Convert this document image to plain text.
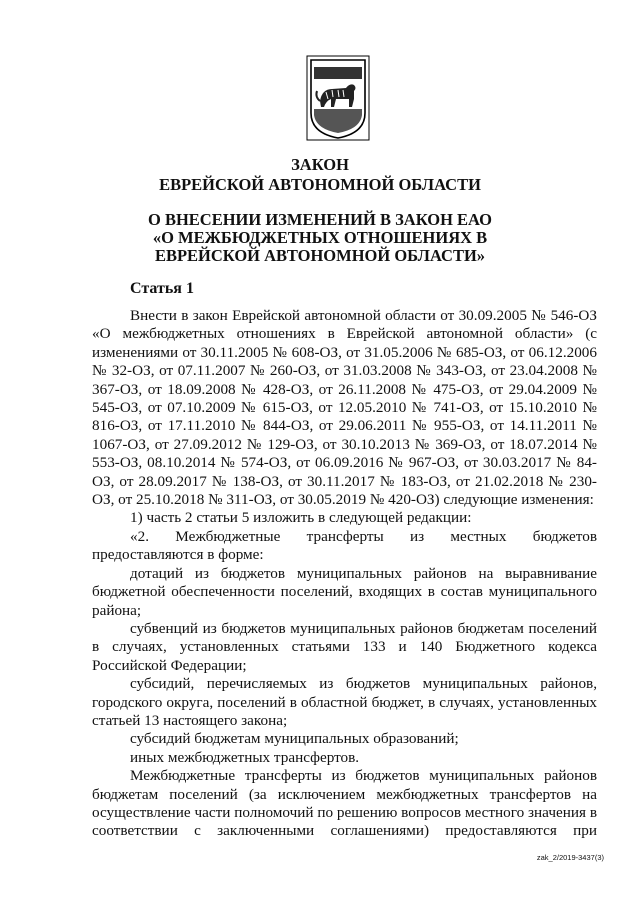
ЗАКОН
ЕВРЕЙСКОЙ АВТОНОМНОЙ ОБЛАСТИ
О ВНЕСЕНИИ ИЗМЕНЕНИЙ В ЗАКОН ЕАО
«О МЕЖБЮДЖЕТНЫХ ОТНОШЕНИЯХ В
ЕВРЕЙСКОЙ АВТОНОМНОЙ ОБЛАСТИ»
Статья 1

Внести в закон Еврейской автономной области от 30.09.2005 № 546-ОЗ «О межбюджетных отношениях в Еврейской автономной области» (с изменениями от 30.11.2005 № 608-ОЗ, от 31.05.2006 № 685-ОЗ, от 06.12.2006 № 32-ОЗ, от 07.11.2007 № 260-ОЗ, от 31.03.2008 № 343-ОЗ, от 23.04.2008 № 367-ОЗ, от 18.09.2008 № 428-ОЗ, от 26.11.2008 № 475-ОЗ, от 29.04.2009 № 545-ОЗ, от 07.10.2009 № 615-ОЗ, от 12.05.2010 № 741-ОЗ, от 15.10.2010 № 816-ОЗ, от 17.11.2010 № 844-ОЗ, от 29.06.2011 № 955-ОЗ, от 14.11.2011 № 1067-ОЗ, от 27.09.2012 № 129-ОЗ, от 30.10.2013 № 369-ОЗ, от 18.07.2014 № 553-ОЗ, 08.10.2014 № 574-ОЗ, от 06.09.2016 № 967-ОЗ, от 30.03.2017 № 84-ОЗ, от 28.09.2017 № 138-ОЗ, от 30.11.2017 № 183-ОЗ, от 21.02.2018 № 230-ОЗ, от 25.10.2018 № 311-ОЗ, от 30.05.2019 № 420-ОЗ) следующие изменения:

1) часть 2 статьи 5 изложить в следующей редакции:

«2. Межбюджетные трансферты из местных бюджетов предоставляются в форме:

дотаций из бюджетов муниципальных районов на выравнивание бюджетной обеспеченности поселений, входящих в состав муниципального района;

субвенций из бюджетов муниципальных районов бюджетам поселений в случаях, установленных статьями 133 и 140 Бюджетного кодекса Российской Федерации;

субсидий, перечисляемых из бюджетов муниципальных районов, городского округа, поселений в областной бюджет, в случаях, установленных статьей 13 настоящего закона;

субсидий бюджетам муниципальных образований;

иных межбюджетных трансфертов.

Межбюджетные трансферты из бюджетов муниципальных районов бюджетам поселений (за исключением межбюджетных трансфертов на осуществление части полномочий по решению вопросов местного значения в соответствии с заключенными соглашениями) предоставляются при

zak_2/2019-3437(3)
